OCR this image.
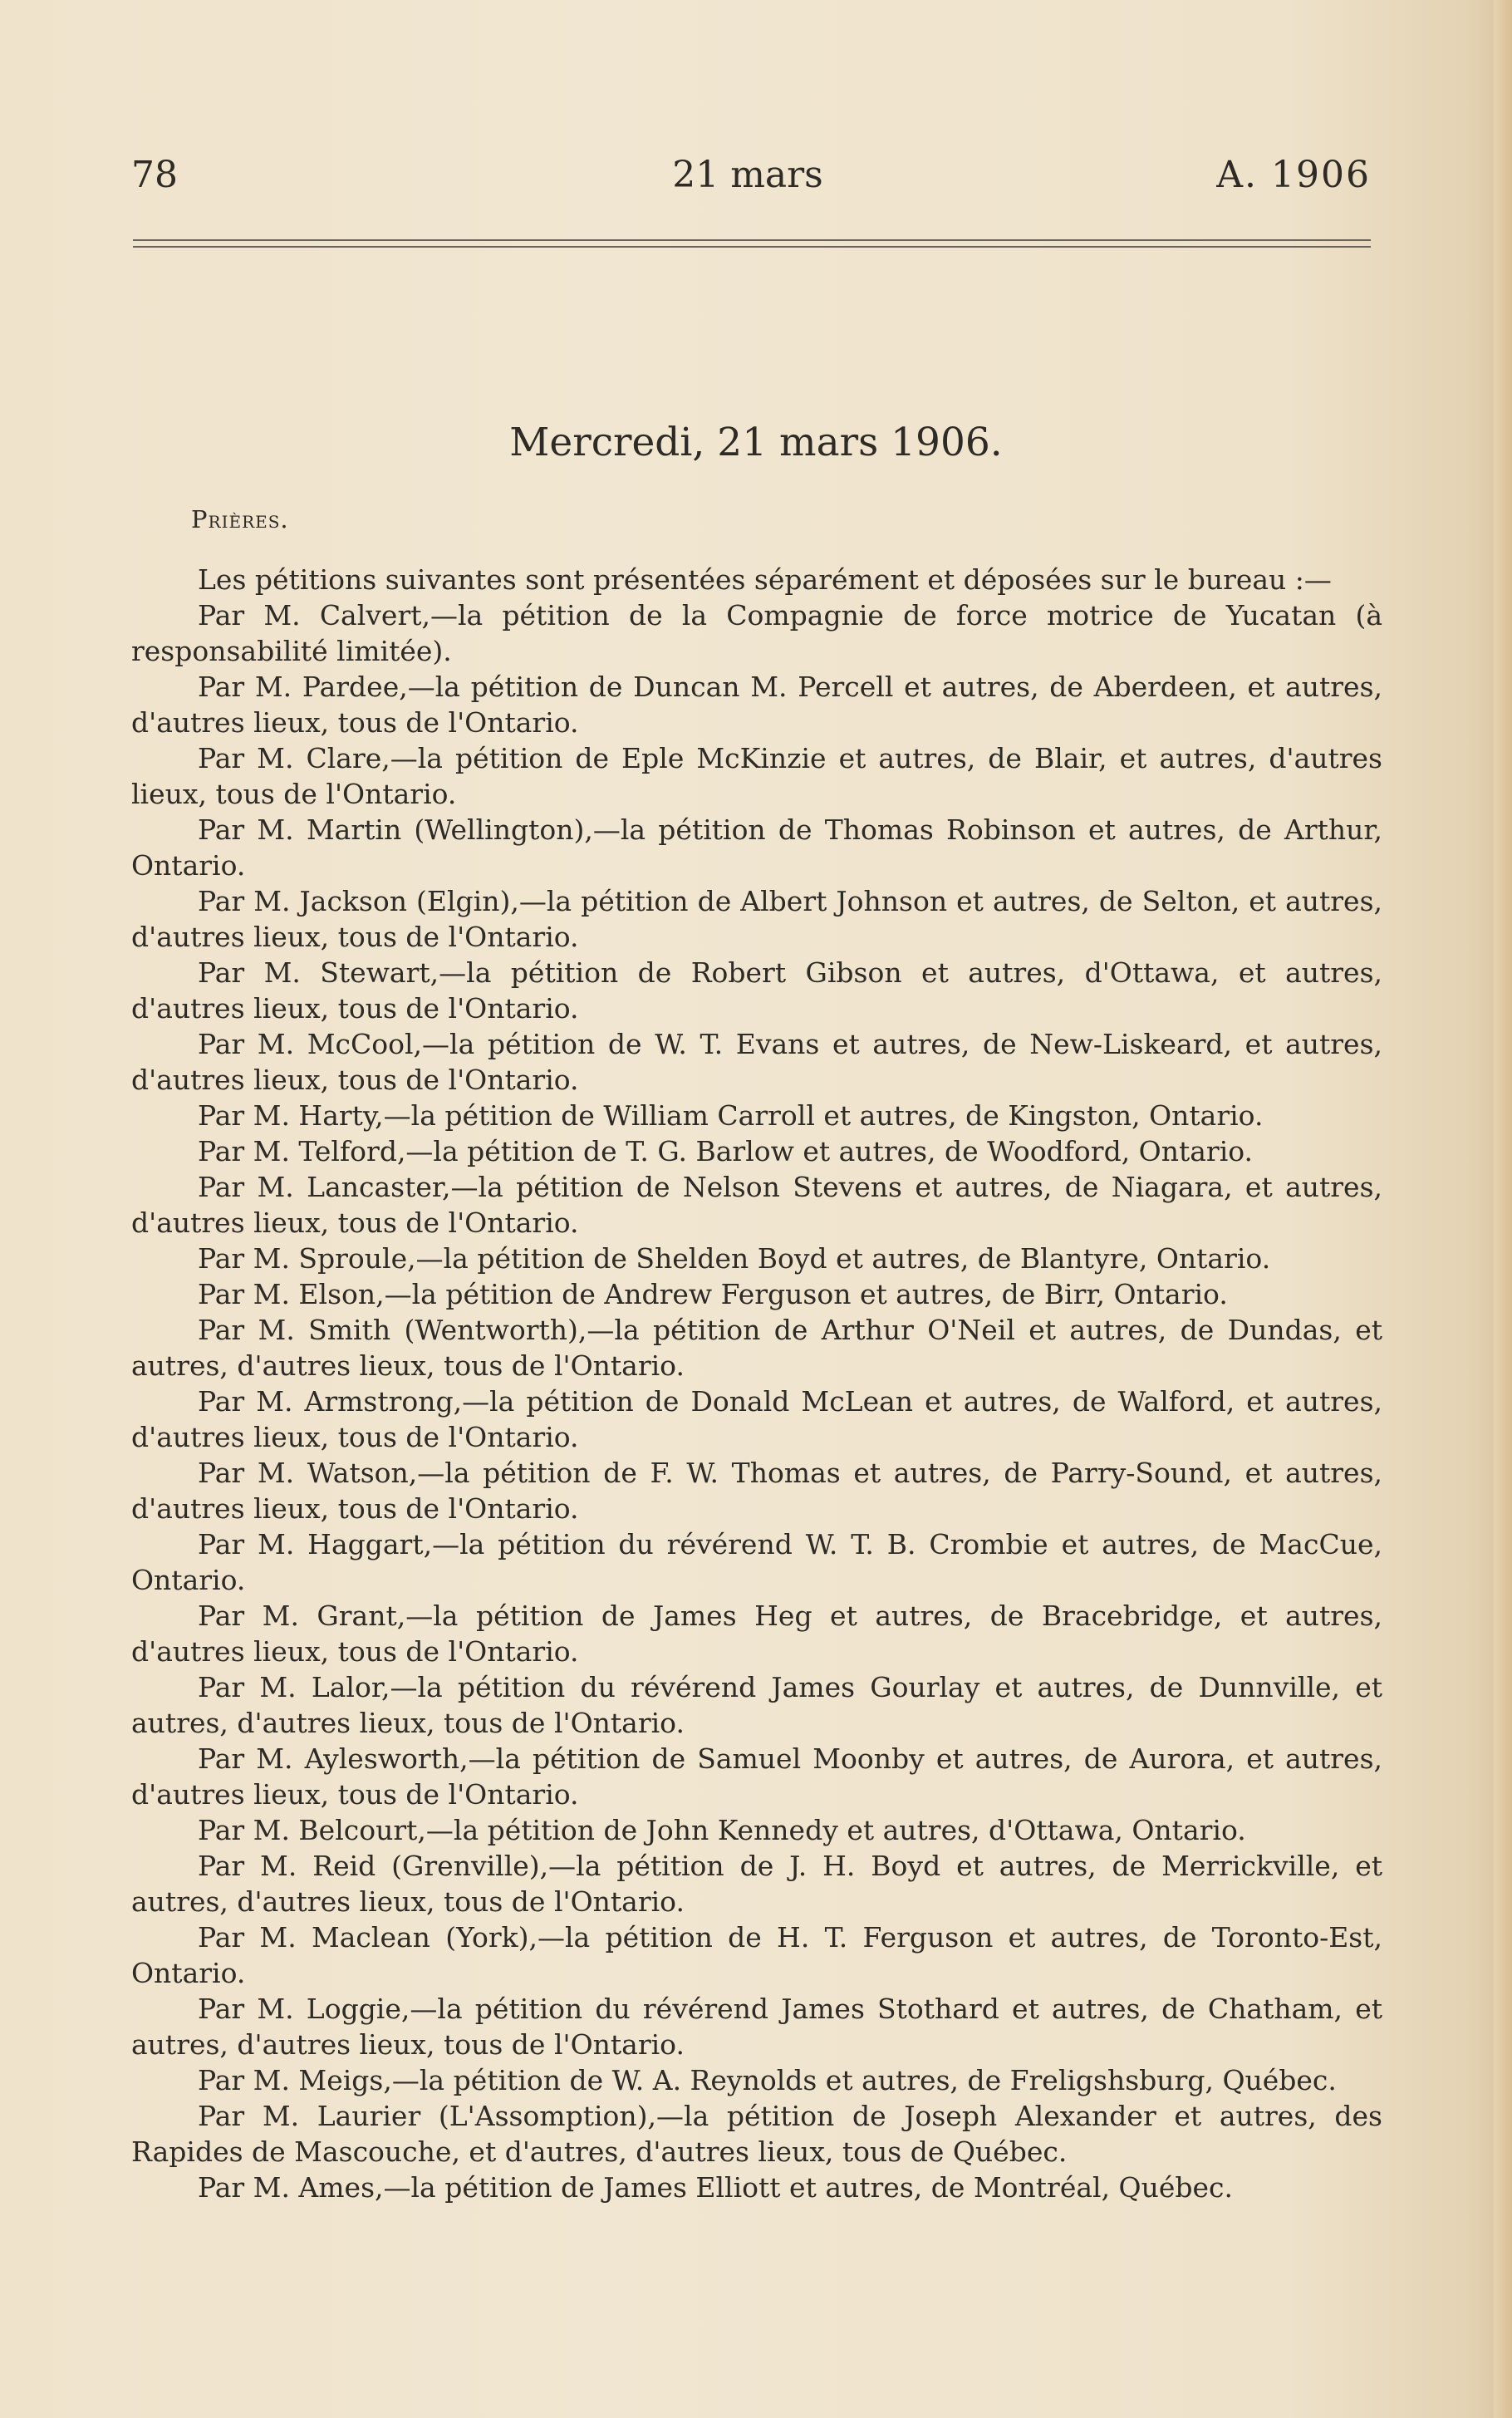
78	21 mars	A. 1906
Mercredi, 21 mars 1906.
Prières.

Les pétitions suivantes sont présentées séparément et déposées sur le bureau :—

Par M. Calvert,—la pétition de la Compagnie de force motrice de Yucatan (à responsabilité limitée).

Par M. Pardee,—la pétition de Duncan M. Percell et autres, de Aberdeen, et autres, d'autres lieux, tous de l'Ontario.

Par M. Clare,—la pétition de Eple McKinzie et autres, de Blair, et autres, d'autres lieux, tous de l'Ontario.

Par M. Martin (Wellington),—la pétition de Thomas Robinson et autres, de Arthur, Ontario.

Par M. Jackson (Elgin),—la pétition de Albert Johnson et autres, de Selton, et autres, d'autres lieux, tous de l'Ontario.

Par M. Stewart,—la pétition de Robert Gibson et autres, d'Ottawa, et autres, d'autres lieux, tous de l'Ontario.

Par M. McCool,—la pétition de W. T. Evans et autres, de New-Liskeard, et autres, d'autres lieux, tous de l'Ontario.

Par M. Harty,—la pétition de William Carroll et autres, de Kingston, Ontario.

Par M. Telford,—la pétition de T. G. Barlow et autres, de Woodford, Ontario.

Par M. Lancaster,—la pétition de Nelson Stevens et autres, de Niagara, et autres, d'autres lieux, tous de l'Ontario.

Par M. Sproule,—la pétition de Shelden Boyd et autres, de Blantyre, Ontario.

Par M. Elson,—la pétition de Andrew Ferguson et autres, de Birr, Ontario.

Par M. Smith (Wentworth),—la pétition de Arthur O'Neil et autres, de Dundas, et autres, d'autres lieux, tous de l'Ontario.

Par M. Armstrong,—la pétition de Donald McLean et autres, de Walford, et autres, d'autres lieux, tous de l'Ontario.

Par M. Watson,—la pétition de F. W. Thomas et autres, de Parry-Sound, et autres, d'autres lieux, tous de l'Ontario.

Par M. Haggart,—la pétition du révérend W. T. B. Crombie et autres, de MacCue, Ontario.

Par M. Grant,—la pétition de James Heg et autres, de Bracebridge, et autres, d'autres lieux, tous de l'Ontario.

Par M. Lalor,—la pétition du révérend James Gourlay et autres, de Dunnville, et autres, d'autres lieux, tous de l'Ontario.

Par M. Aylesworth,—la pétition de Samuel Moonby et autres, de Aurora, et autres, d'autres lieux, tous de l'Ontario.

Par M. Belcourt,—la pétition de John Kennedy et autres, d'Ottawa, Ontario.

Par M. Reid (Grenville),—la pétition de J. H. Boyd et autres, de Merrickville, et autres, d'autres lieux, tous de l'Ontario.

Par M. Maclean (York),—la pétition de H. T. Ferguson et autres, de Toronto-Est, Ontario.

Par M. Loggie,—la pétition du révérend James Stothard et autres, de Chatham, et autres, d'autres lieux, tous de l'Ontario.

Par M. Meigs,—la pétition de W. A. Reynolds et autres, de Freligshsburg, Québec.

Par M. Laurier (L'Assomption),—la pétition de Joseph Alexander et autres, des Rapides de Mascouche, et d'autres, d'autres lieux, tous de Québec.

Par M. Ames,—la pétition de James Elliott et autres, de Montréal, Québec.
